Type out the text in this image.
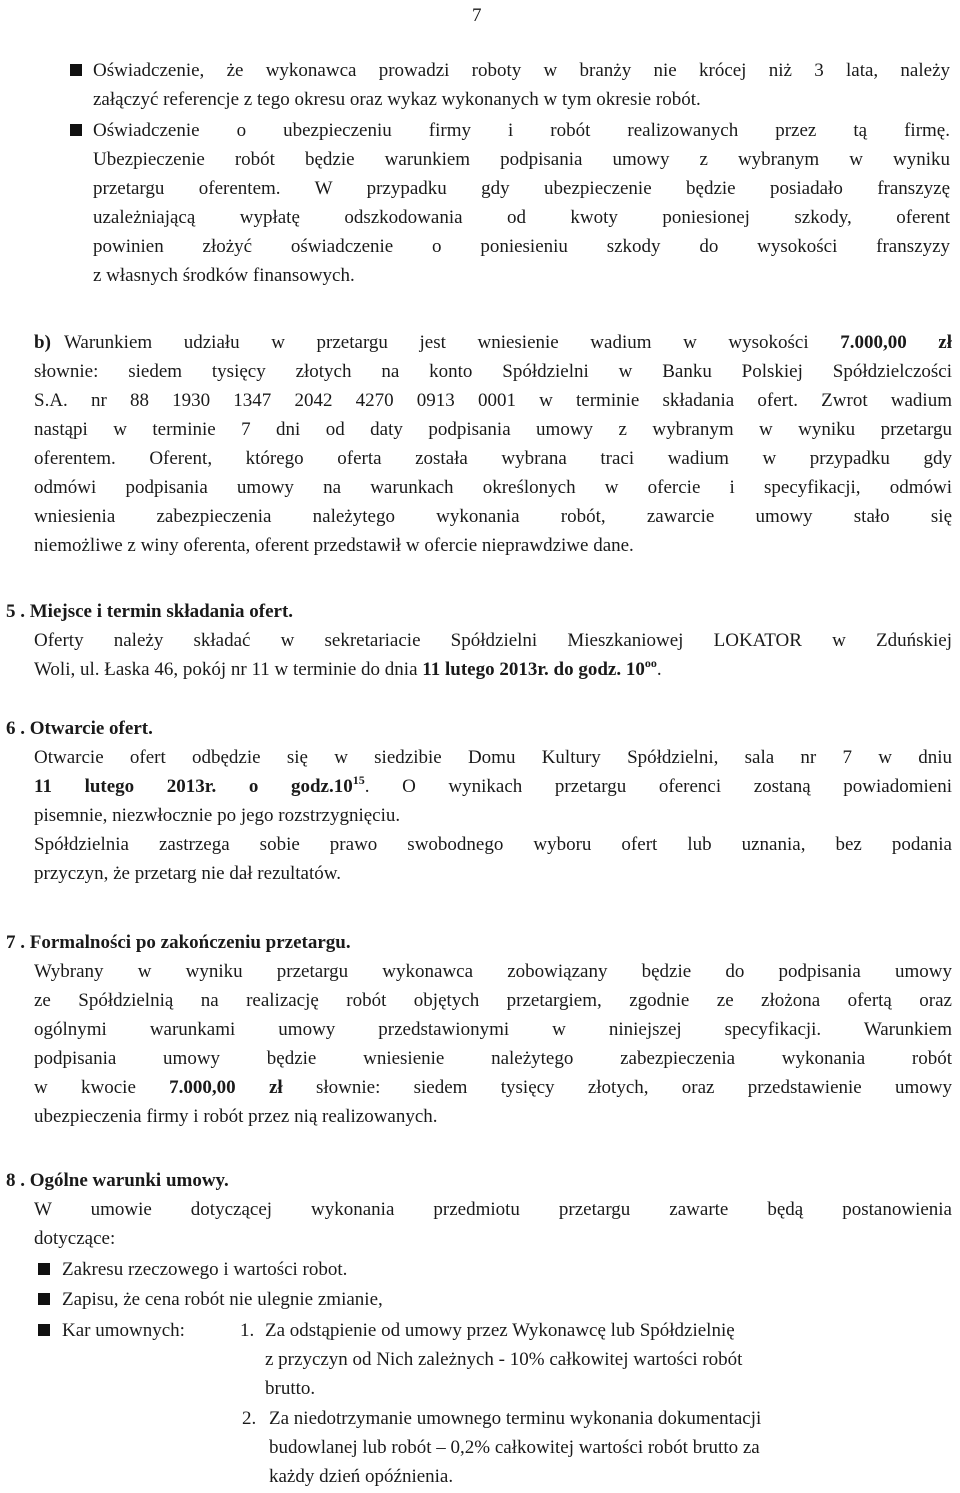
7
Oświadczenie, że wykonawca prowadzi roboty w branży nie krócej niż 3 lata, należy
załączyć referencje z tego okresu oraz wykaz wykonanych w tym okresie robót.
Oświadczenie o ubezpieczeniu firmy i robót realizowanych przez tą firmę.
Ubezpieczenie robót będzie warunkiem podpisania umowy z wybranym w wyniku
przetargu oferentem. W przypadku gdy ubezpieczenie będzie posiadało franszyzę
uzależniającą wypłatę odszkodowania od kwoty poniesionej szkody, oferent
powinien złożyć oświadczenie o poniesieniu szkody do wysokości franszyzy
z własnych środków finansowych.
b) Warunkiem udziału w przetargu jest wniesienie wadium w wysokości 7.000,00 zł
słownie: siedem tysięcy złotych na konto Spółdzielni w Banku Polskiej Spółdzielczości
S.A. nr 88 1930 1347 2042 4270 0913 0001 w terminie składania ofert. Zwrot wadium
nastąpi w terminie 7 dni od daty podpisania umowy z wybranym w wyniku przetargu
oferentem. Oferent, którego oferta została wybrana traci wadium w przypadku gdy
odmówi podpisania umowy na warunkach określonych w ofercie i specyfikacji, odmówi
wniesienia zabezpieczenia należytego wykonania robót, zawarcie umowy stało się
niemożliwe z winy oferenta, oferent przedstawił w ofercie nieprawdziwe dane.
5 . Miejsce i termin składania ofert.
Oferty należy składać w sekretariacie Spółdzielni Mieszkaniowej LOKATOR w Zduńskiej
Woli, ul. Łaska 46, pokój nr 11 w terminie do dnia 11 lutego 2013r. do godz. $10^{oo}$.
6 . Otwarcie ofert.
Otwarcie ofert odbędzie się w siedzibie Domu Kultury Spółdzielni, sala nr 7 w dniu
11 lutego 2013r. o $godz.10^{15}$. O wynikach przetargu oferenci zostaną powiadomieni
pisemnie, niezwłocznie po jego rozstrzygnięciu.
Spółdzielnia zastrzega sobie prawo swobodnego wyboru ofert lub uznania, bez podania
przyczyn, że przetarg nie dał rezultatów.
7 . Formalności po zakończeniu przetargu.
Wybrany w wyniku przetargu wykonawca zobowiązany będzie do podpisania umowy
ze Spółdzielnią na realizację robót objętych przetargiem, zgodnie ze złożona ofertą oraz
ogólnymi warunkami umowy przedstawionymi w niniejszej specyfikacji. Warunkiem
podpisania umowy będzie wniesienie należytego zabezpieczenia wykonania robót
w kwocie 7.000,00 zł słownie: siedem tysięcy złotych, oraz przedstawienie umowy
ubezpieczenia firmy i robót przez nią realizowanych.
8 . Ogólne warunki umowy.
W umowie dotyczącej wykonania przedmiotu przetargu zawarte będą postanowienia
dotyczące:
Zakresu rzeczowego i wartości robot.
Zapisu, że cena robót nie ulegnie zmianie,
Kar umownych:	1. Za odstąpienie od umowy przez Wykonawcę lub Spółdzielnię
z przyczyn od Nich zależnych - 10% całkowitej wartości robót
brutto.
2. Za niedotrzymanie umownego terminu wykonania dokumentacji
budowlanej lub robót – 0,2% całkowitej wartości robót brutto za
każdy dzień opóźnienia.
